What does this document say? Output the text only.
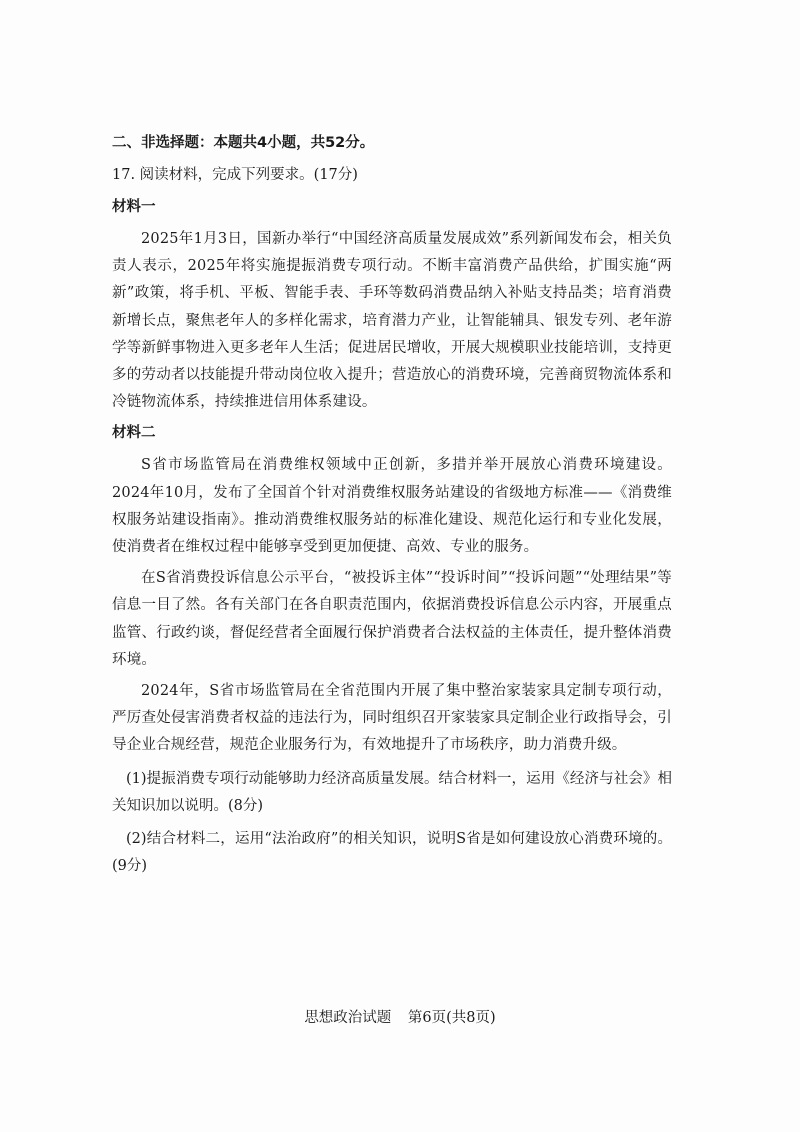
二、非选择题：本题共4小题，共52分。

17. 阅读材料，完成下列要求。(17分)

材料一

2025年1月3日，国新办举行“中国经济高质量发展成效”系列新闻发布会，相关负责人表示，2025年将实施提振消费专项行动。不断丰富消费产品供给，扩围实施“两新”政策，将手机、平板、智能手表、手环等数码消费品纳入补贴支持品类；培育消费新增长点，聚焦老年人的多样化需求，培育潜力产业，让智能辅具、银发专列、老年游学等新鲜事物进入更多老年人生活；促进居民增收，开展大规模职业技能培训，支持更多的劳动者以技能提升带动岗位收入提升；营造放心的消费环境，完善商贸物流体系和冷链物流体系，持续推进信用体系建设。

材料二

S省市场监管局在消费维权领域中正创新，多措并举开展放心消费环境建设。2024年10月，发布了全国首个针对消费维权服务站建设的省级地方标准——《消费维权服务站建设指南》。推动消费维权服务站的标准化建设、规范化运行和专业化发展，使消费者在维权过程中能够享受到更加便捷、高效、专业的服务。

在S省消费投诉信息公示平台，“被投诉主体”“投诉时间”“投诉问题”“处理结果”等信息一目了然。各有关部门在各自职责范围内，依据消费投诉信息公示内容，开展重点监管、行政约谈，督促经营者全面履行保护消费者合法权益的主体责任，提升整体消费环境。

2024年，S省市场监管局在全省范围内开展了集中整治家装家具定制专项行动，严厉查处侵害消费者权益的违法行为，同时组织召开家装家具定制企业行政指导会，引导企业合规经营，规范企业服务行为，有效地提升了市场秩序，助力消费升级。

(1)提振消费专项行动能够助力经济高质量发展。结合材料一，运用《经济与社会》相关知识加以说明。(8分)

(2)结合材料二，运用“法治政府”的相关知识，说明S省是如何建设放心消费环境的。(9分)

思想政治试题 第6页(共8页)
